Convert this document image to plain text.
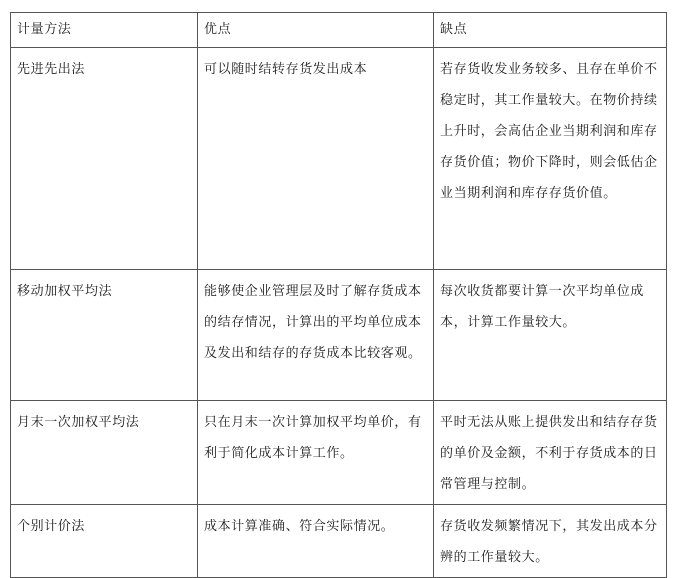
计量方法	优点	缺点
先进先出法	可以随时结转存货发出成本	若存货收发业务较多、且存在单价不稳定时，其工作量较大。在物价持续上升时，会高估企业当期利润和库存存货价值；物价下降时，则会低估企业当期利润和库存存货价值。
移动加权平均法	能够使企业管理层及时了解存货成本的结存情况，计算出的平均单位成本及发出和结存的存货成本比较客观。	每次收货都要计算一次平均单位成本，计算工作量较大。
月末一次加权平均法	只在月末一次计算加权平均单价，有利于简化成本计算工作。	平时无法从账上提供发出和结存存货的单价及金额，不利于存货成本的日常管理与控制。
个别计价法	成本计算准确、符合实际情况。	存货收发频繁情况下，其发出成本分辨的工作量较大。
